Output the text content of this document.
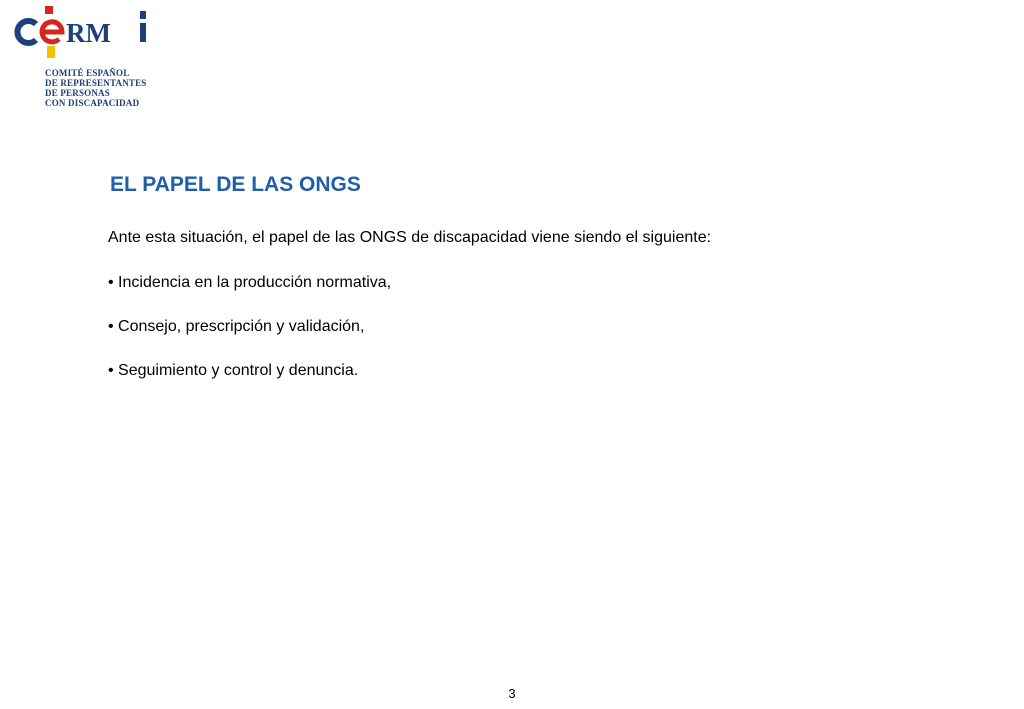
RM
COMITÉ ESPAÑOL
DE REPRESENTANTES
DE PERSONAS
CON DISCAPACIDAD
EL PAPEL DE LAS ONGS

Ante esta situación, el papel de las ONGS de discapacidad viene siendo el siguiente:

• Incidencia en la producción normativa,
• Consejo, prescripción y validación,
• Seguimiento y control y denuncia.
3
